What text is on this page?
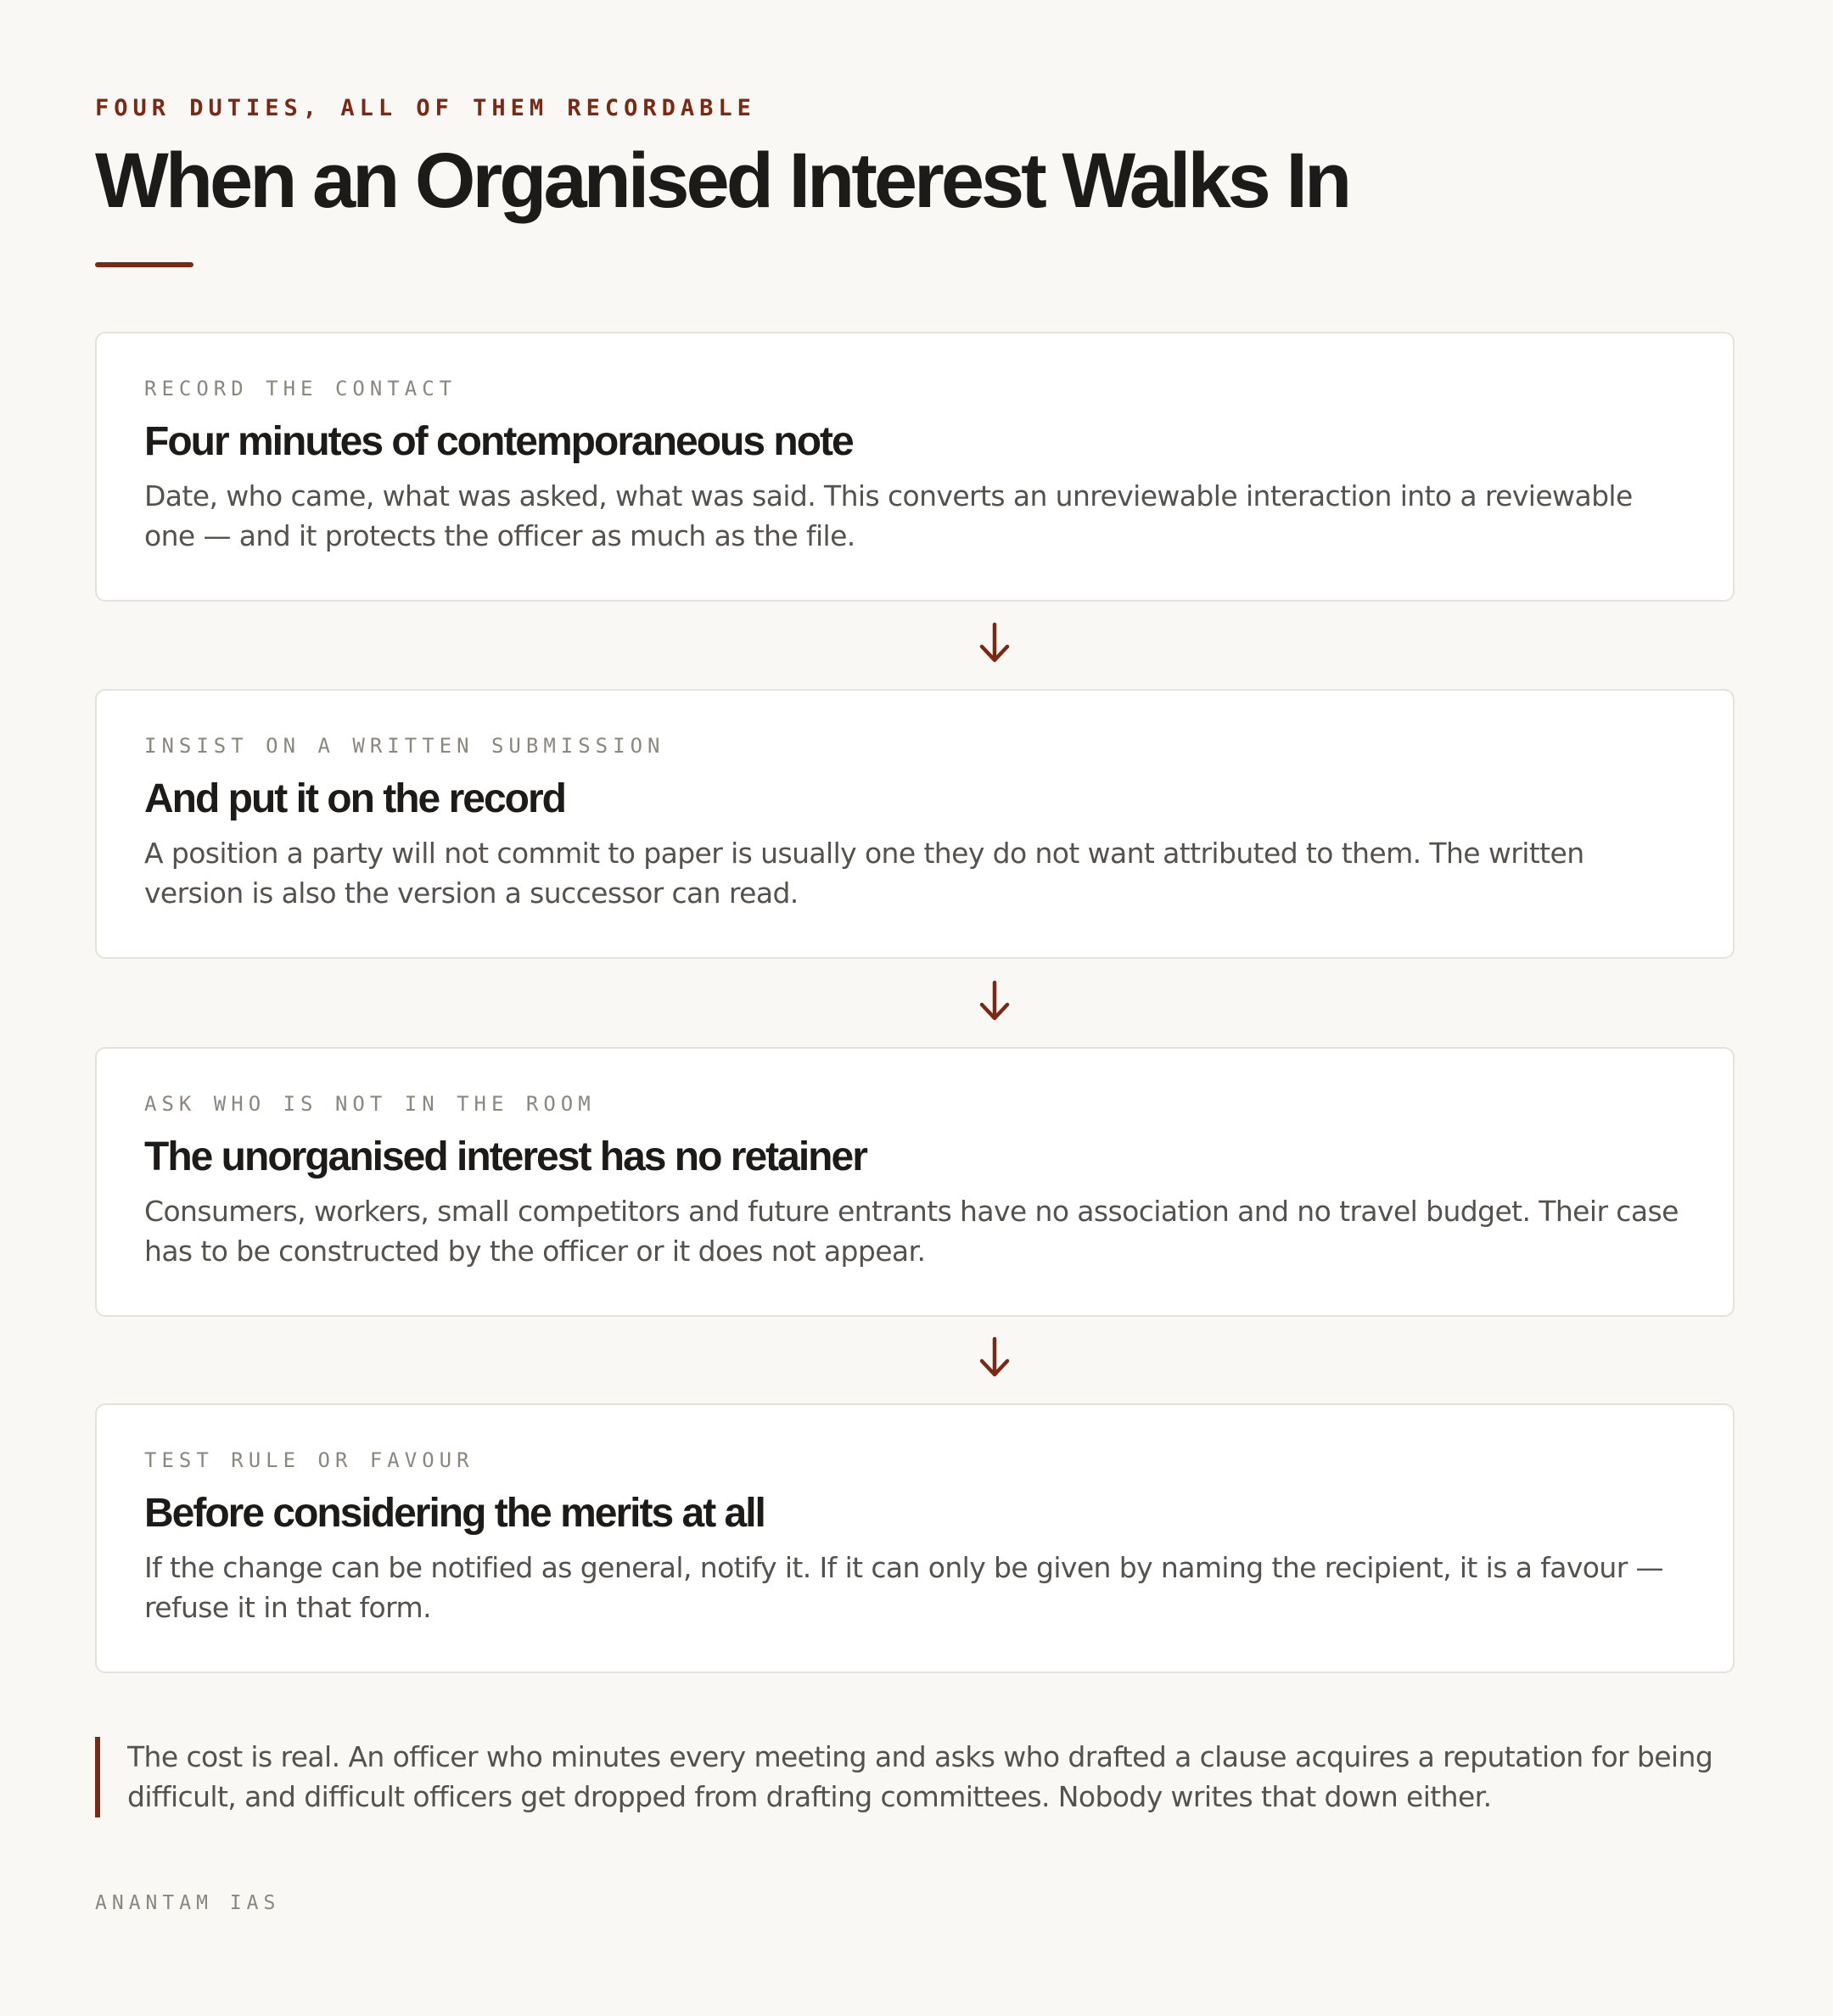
FOUR DUTIES, ALL OF THEM RECORDABLE
When an Organised Interest Walks In
RECORD THE CONTACT
Four minutes of contemporaneous note
Date, who came, what was asked, what was said. This converts an unreviewable interaction into a reviewable one — and it protects the officer as much as the file.
INSIST ON A WRITTEN SUBMISSION
And put it on the record
A position a party will not commit to paper is usually one they do not want attributed to them. The written version is also the version a successor can read.
ASK WHO IS NOT IN THE ROOM
The unorganised interest has no retainer
Consumers, workers, small competitors and future entrants have no association and no travel budget. Their case has to be constructed by the officer or it does not appear.
TEST RULE OR FAVOUR
Before considering the merits at all
If the change can be notified as general, notify it. If it can only be given by naming the recipient, it is a favour — refuse it in that form.
The cost is real. An officer who minutes every meeting and asks who drafted a clause acquires a reputation for being difficult, and difficult officers get dropped from drafting committees. Nobody writes that down either.
ANANTAM IAS
